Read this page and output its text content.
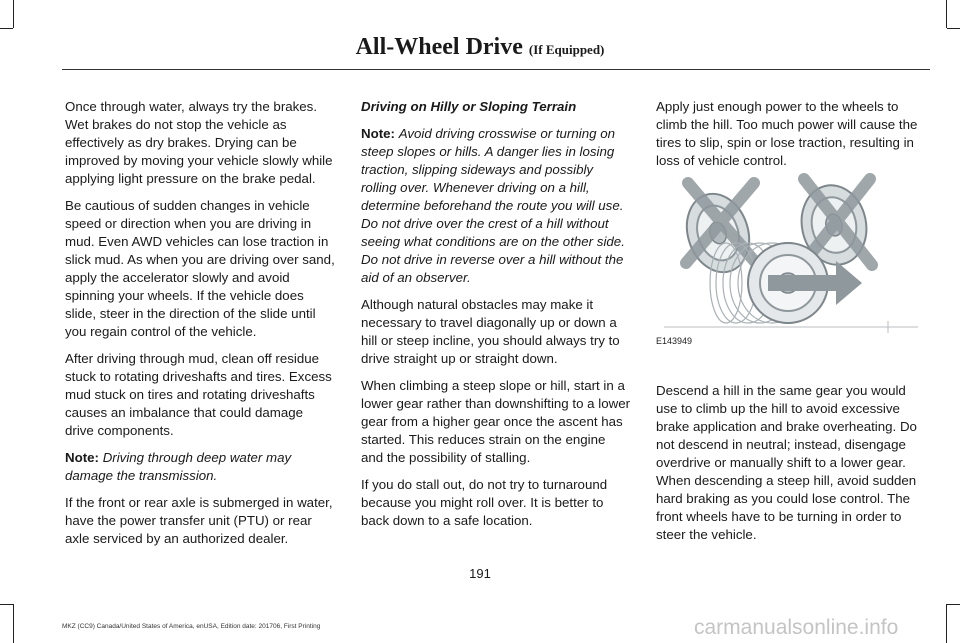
All-Wheel Drive (If Equipped)

Once through water, always try the brakes. Wet brakes do not stop the vehicle as effectively as dry brakes. Drying can be improved by moving your vehicle slowly while applying light pressure on the brake pedal.

Be cautious of sudden changes in vehicle speed or direction when you are driving in mud. Even AWD vehicles can lose traction in slick mud. As when you are driving over sand, apply the accelerator slowly and avoid spinning your wheels. If the vehicle does slide, steer in the direction of the slide until you regain control of the vehicle.

After driving through mud, clean off residue stuck to rotating driveshafts and tires. Excess mud stuck on tires and rotating driveshafts causes an imbalance that could damage drive components.

Note: Driving through deep water may damage the transmission.

If the front or rear axle is submerged in water, have the power transfer unit (PTU) or rear axle serviced by an authorized dealer.

Driving on Hilly or Sloping Terrain

Note: Avoid driving crosswise or turning on steep slopes or hills. A danger lies in losing traction, slipping sideways and possibly rolling over. Whenever driving on a hill, determine beforehand the route you will use. Do not drive over the crest of a hill without seeing what conditions are on the other side. Do not drive in reverse over a hill without the aid of an observer.

Although natural obstacles may make it necessary to travel diagonally up or down a hill or steep incline, you should always try to drive straight up or straight down.

When climbing a steep slope or hill, start in a lower gear rather than downshifting to a lower gear from a higher gear once the ascent has started. This reduces strain on the engine and the possibility of stalling.

If you do stall out, do not try to turnaround because you might roll over. It is better to back down to a safe location.

Apply just enough power to the wheels to climb the hill. Too much power will cause the tires to slip, spin or lose traction, resulting in loss of vehicle control.

Descend a hill in the same gear you would use to climb up the hill to avoid excessive brake application and brake overheating. Do not descend in neutral; instead, disengage overdrive or manually shift to a lower gear. When descending a steep hill, avoid sudden hard braking as you could lose control. The front wheels have to be turning in order to steer the vehicle.

E143949
191
MKZ (CC9) Canada/United States of America, enUSA, Edition date: 201706, First Printing	carmanualsonline.info
